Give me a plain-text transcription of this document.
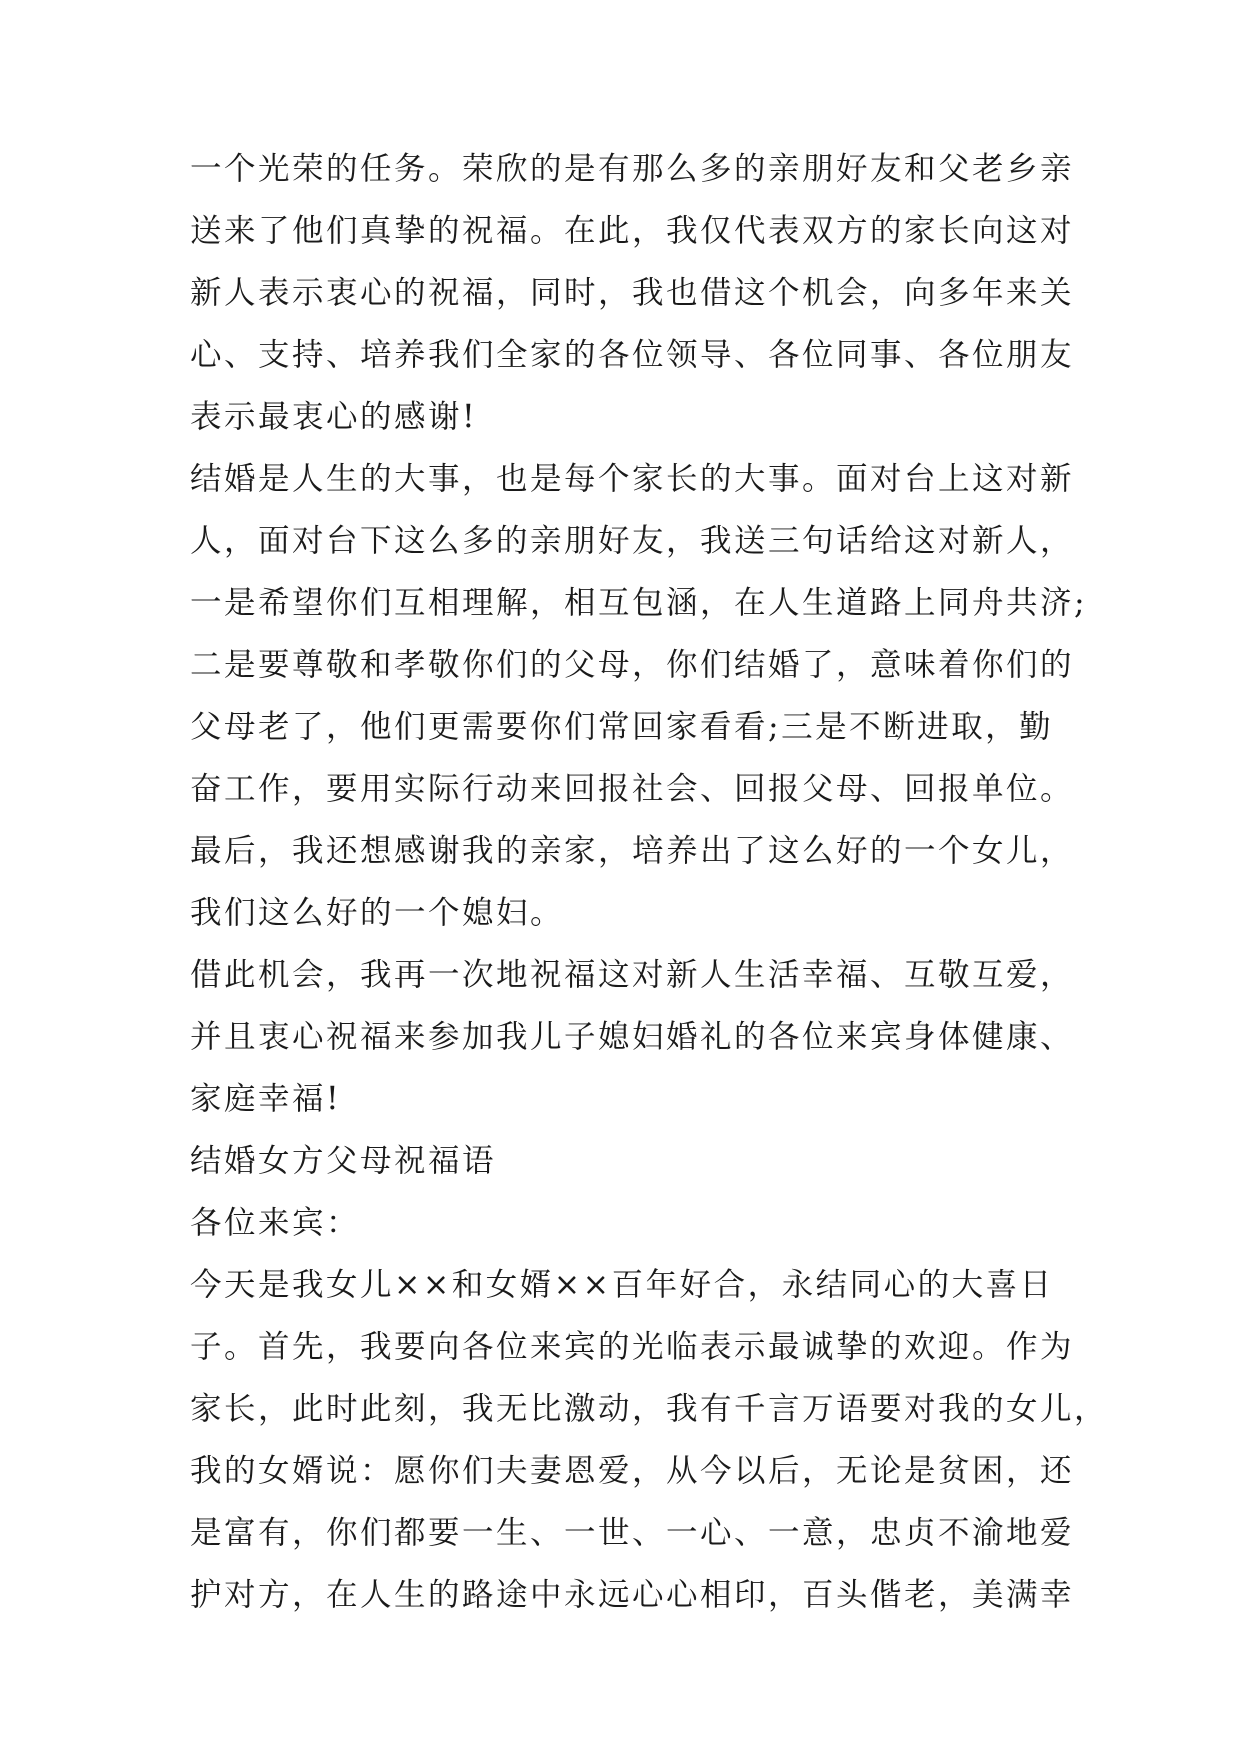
一个光荣的任务。荣欣的是有那么多的亲朋好友和父老乡亲
送来了他们真挚的祝福。在此，我仅代表双方的家长向这对
新人表示衷心的祝福，同时，我也借这个机会，向多年来关
心、支持、培养我们全家的各位领导、各位同事、各位朋友
表示最衷心的感谢!
结婚是人生的大事，也是每个家长的大事。面对台上这对新
人，面对台下这么多的亲朋好友，我送三句话给这对新人，
一是希望你们互相理解，相互包涵，在人生道路上同舟共济;
二是要尊敬和孝敬你们的父母，你们结婚了，意味着你们的
父母老了，他们更需要你们常回家看看;三是不断进取，勤
奋工作，要用实际行动来回报社会、回报父母、回报单位。
最后，我还想感谢我的亲家，培养出了这么好的一个女儿，
我们这么好的一个媳妇。
借此机会，我再一次地祝福这对新人生活幸福、互敬互爱，
并且衷心祝福来参加我儿子媳妇婚礼的各位来宾身体健康、
家庭幸福!
结婚女方父母祝福语
各位来宾：
今天是我女儿××和女婿××百年好合，永结同心的大喜日
子。首先，我要向各位来宾的光临表示最诚挚的欢迎。作为
家长，此时此刻，我无比激动，我有千言万语要对我的女儿，
我的女婿说：愿你们夫妻恩爱，从今以后，无论是贫困，还
是富有，你们都要一生、一世、一心、一意，忠贞不渝地爱
护对方，在人生的路途中永远心心相印，百头偕老，美满幸
